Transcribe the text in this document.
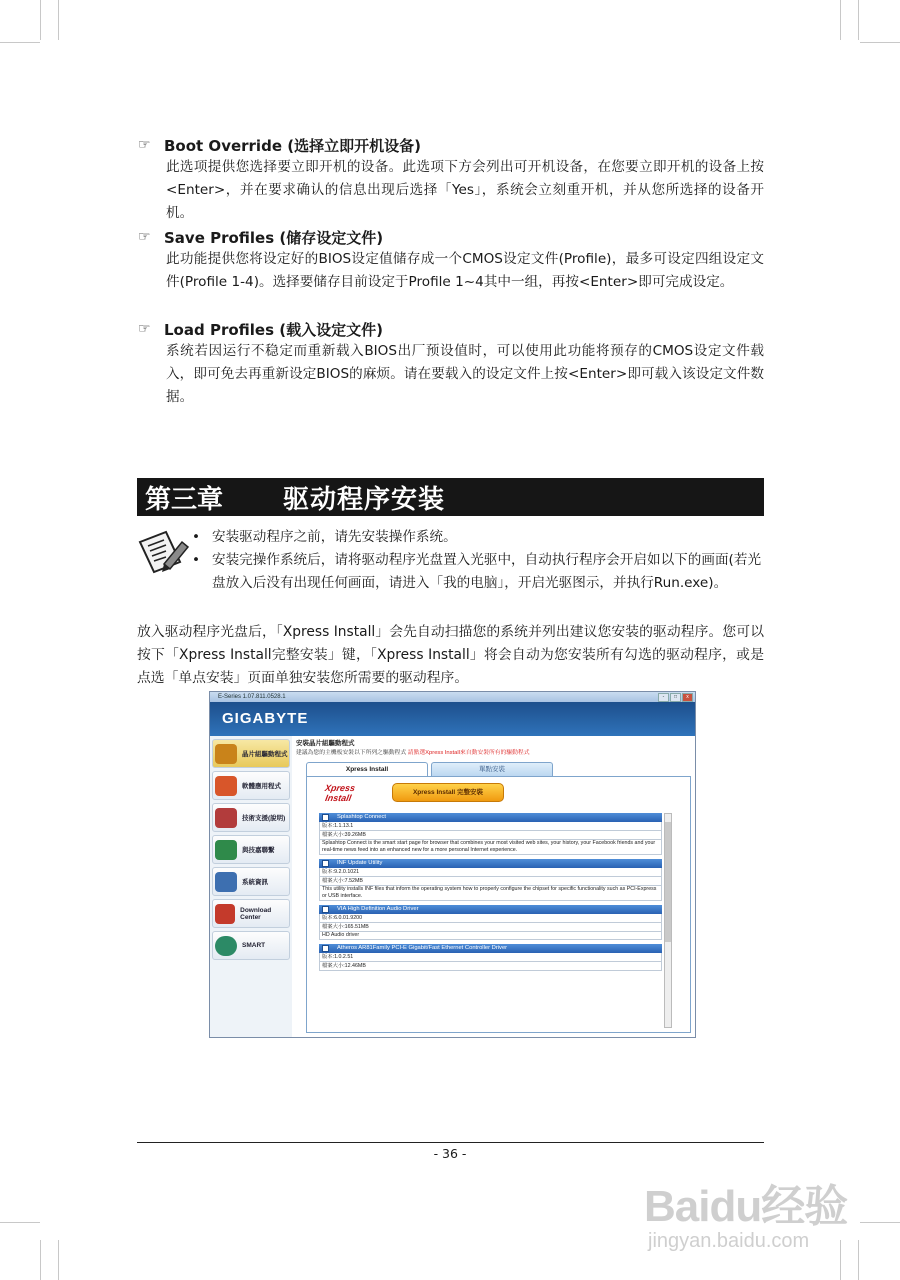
☞ Boot Override (选择立即开机设备)
此选项提供您选择要立即开机的设备。此选项下方会列出可开机设备，在您要立即开机的设备上按<Enter>，并在要求确认的信息出现后选择「Yes」，系统会立刻重开机，并从您所选择的设备开机。
☞ Save Profiles (储存设定文件)
此功能提供您将设定好的BIOS设定值储存成一个CMOS设定文件(Profile)，最多可设定四组设定文件(Profile 1-4)。选择要储存目前设定于Profile 1~4其中一组，再按<Enter>即可完成设定。
☞ Load Profiles (载入设定文件)
系统若因运行不稳定而重新载入BIOS出厂预设值时，可以使用此功能将预存的CMOS设定文件载入，即可免去再重新设定BIOS的麻烦。请在要载入的设定文件上按<Enter>即可载入该设定文件数据。
第三章	驱动程序安装
• 安装驱动程序之前，请先安装操作系统。
• 安装完操作系统后，请将驱动程序光盘置入光驱中，自动执行程序会开启如以下的画面(若光盘放入后没有出现任何画面，请进入「我的电脑」，开启光驱图示，并执行Run.exe)。
放入驱动程序光盘后，「Xpress Install」会先自动扫描您的系统并列出建议您安装的驱动程序。您可以按下「Xpress Install完整安装」键，「Xpress Install」将会自动为您安装所有勾选的驱动程序，或是点选「单点安装」页面单独安装您所需要的驱动程序。
E-Series 1.07.811.0528.1	-	□	x
GIGABYTE
晶片組驅動程式
軟體應用程式
技術支援(說明)
與技嘉聯繫
系統資訊
Download Center
SMART
安裝晶片組驅動程式
建議為您的主機板安裝以下所列之驅動程式 請點選Xpress Install來自動安裝所有的驅動程式
Xpress Install	單點安裝
Xpress Install
Xpress Install 完整安裝
Splashtop Connect
版本:1.1.13.1
檔案大小:39.26MB
Splashtop Connect is the smart start page for browser that combines your most visited web sites, your history, your Facebook friends and your real-time news feed into an enhanced new for a more personal Internet experience.
INF Update Utility
版本:9.2.0.1021
檔案大小:7.52MB
This utility installs INF files that inform the operating system how to properly configure the chipset for specific functionality such as PCI-Express or USB interface.
VIA High Definition Audio Driver
版本:6.0.01.9200
檔案大小:165.51MB
HD Audio driver
Atheros AR81Family PCI-E Gigabit/Fast Ethernet Controller Driver
版本:1.0.2.51
檔案大小:12.46MB
- 36 -
Baidu经验
jingyan.baidu.com
